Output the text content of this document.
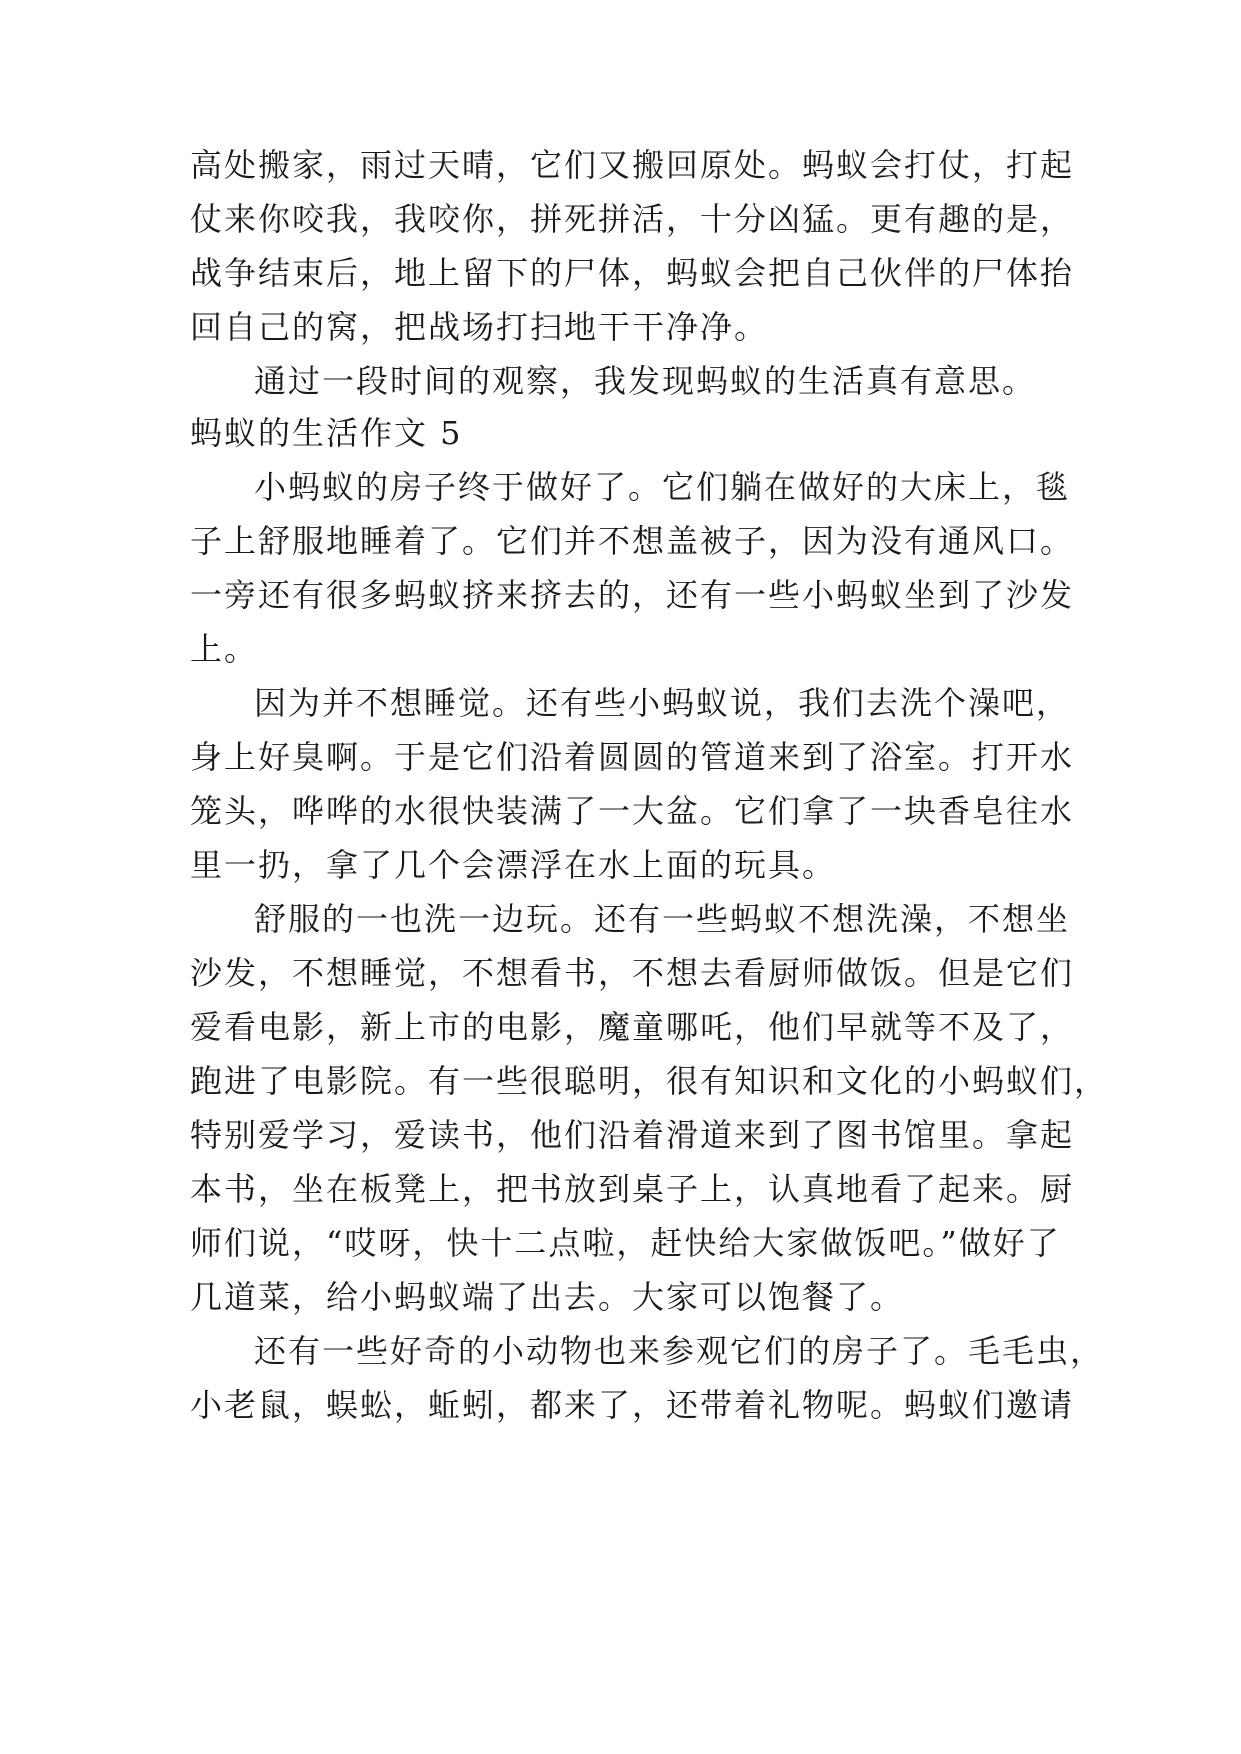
高处搬家，雨过天晴，它们又搬回原处。蚂蚁会打仗，打起
仗来你咬我，我咬你，拼死拼活，十分凶猛。更有趣的是，
战争结束后，地上留下的尸体，蚂蚁会把自己伙伴的尸体抬
回自己的窝，把战场打扫地干干净净。
通过一段时间的观察，我发现蚂蚁的生活真有意思。
蚂蚁的生活作文 5
小蚂蚁的房子终于做好了。它们躺在做好的大床上，毯
子上舒服地睡着了。它们并不想盖被子，因为没有通风口。
一旁还有很多蚂蚁挤来挤去的，还有一些小蚂蚁坐到了沙发
上。
因为并不想睡觉。还有些小蚂蚁说，我们去洗个澡吧，
身上好臭啊。于是它们沿着圆圆的管道来到了浴室。打开水
笼头，哗哗的水很快装满了一大盆。它们拿了一块香皂往水
里一扔，拿了几个会漂浮在水上面的玩具。
舒服的一也洗一边玩。还有一些蚂蚁不想洗澡，不想坐
沙发，不想睡觉，不想看书，不想去看厨师做饭。但是它们
爱看电影，新上市的电影，魔童哪吒，他们早就等不及了，
跑进了电影院。有一些很聪明，很有知识和文化的小蚂蚁们，
特别爱学习，爱读书，他们沿着滑道来到了图书馆里。拿起
本书，坐在板凳上，把书放到桌子上，认真地看了起来。厨
师们说，“哎呀，快十二点啦，赶快给大家做饭吧。”做好了
几道菜，给小蚂蚁端了出去。大家可以饱餐了。
还有一些好奇的小动物也来参观它们的房子了。毛毛虫，
小老鼠，蜈蚣，蚯蚓，都来了，还带着礼物呢。蚂蚁们邀请
